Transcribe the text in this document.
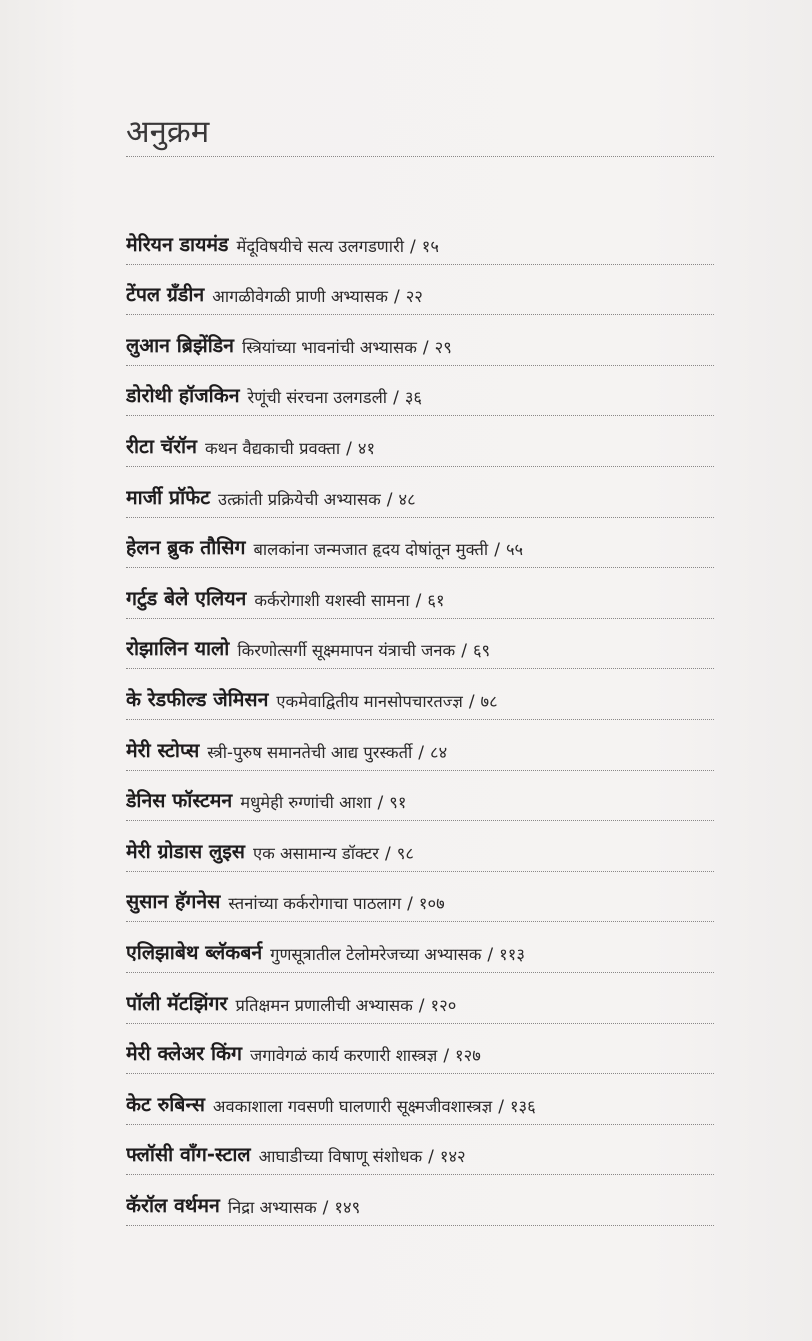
अनुक्रम
मेरियन डायमंड मेंदूविषयीचे सत्य उलगडणारी / १५
टेंपल ग्रँडीन आगळीवेगळी प्राणी अभ्यासक / २२
लुआन ब्रिझेंडिन स्त्रियांच्या भावनांची अभ्यासक / २९
डोरोथी हॉजकिन रेणूंची संरचना उलगडली / ३६
रीटा चॅरॉन कथन वैद्यकाची प्रवक्ता / ४१
मार्जी प्रॉफेट उत्क्रांती प्रक्रियेची अभ्यासक / ४८
हेलन ब्रुक तौसिग बालकांना जन्मजात हृदय दोषांतून मुक्ती / ५५
गर्टुड बेले एलियन कर्करोगाशी यशस्वी सामना / ६१
रोझालिन यालो किरणोत्सर्गी सूक्ष्ममापन यंत्राची जनक / ६९
के रेडफील्ड जेमिसन एकमेवाद्वितीय मानसोपचारतज्ज्ञ / ७८
मेरी स्टोप्स स्त्री-पुरुष समानतेची आद्य पुरस्कर्ती / ८४
डेनिस फॉस्टमन मधुमेही रुग्णांची आशा / ९१
मेरी ग्रोडास लुइस एक असामान्य डॉक्टर / ९८
सुसान हॅगनेस स्तनांच्या कर्करोगाचा पाठलाग / १०७
एलिझाबेथ ब्लॅकबर्न गुणसूत्रातील टेलोमरेजच्या अभ्यासक / ११३
पॉली मॅटझिंगर प्रतिक्षमन प्रणालीची अभ्यासक / १२०
मेरी क्लेअर किंग जगावेगळं कार्य करणारी शास्त्रज्ञ / १२७
केट रुबिन्स अवकाशाला गवसणी घालणारी सूक्ष्मजीवशास्त्रज्ञ / १३६
फ्लॉसी वॉंग-स्टाल आघाडीच्या विषाणू संशोधक / १४२
कॅरॉल वर्थमन निद्रा अभ्यासक / १४९
